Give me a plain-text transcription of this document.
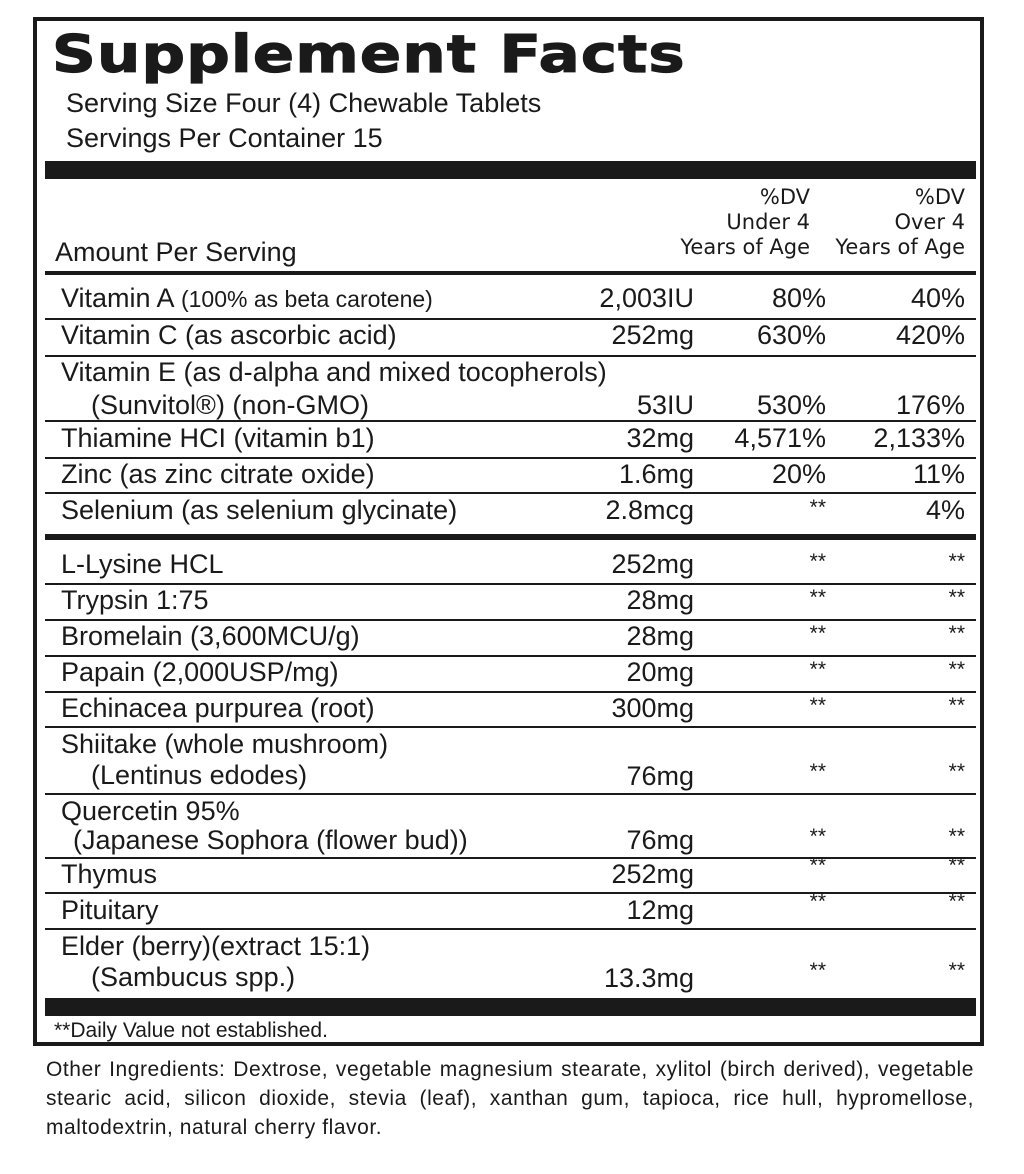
Supplement Facts
Serving Size Four (4) Chewable Tablets
Servings Per Container 15
Amount Per Serving
%DV
Under 4
Years of Age
%DV
Over 4
Years of Age
Vitamin A (100% as beta carotene)	2,003IU	80%	40%
Vitamin C (as ascorbic acid)	252mg 630%	420%
Vitamin E (as d-alpha and mixed tocopherols)
(Sunvitol®) (non-GMO)	53IU 530%	176%
Thiamine HCI (vitamin b1)	32mg 4,571% 2,133%
Zinc (as zinc citrate oxide)	1.6mg	20%	11%
Selenium (as selenium glycinate)	2.8mcg	**	4%
L-Lysine HCL	252mg	**	**
Trypsin 1:75	28mg	**	**
Bromelain (3,600MCU/g)	28mg	**	**
Papain (2,000USP/mg)	20mg	**	**
Echinacea purpurea (root)	300mg	**	**
Shiitake (whole mushroom)
(Lentinus edodes)	76mg	**	**
Quercetin 95%
(Japanese Sophora (flower bud))	76mg	**	**
Thymus	252mg	**	**
Pituitary	12mg	**	**
Elder (berry)(extract 15:1)
(Sambucus spp.)	13.3mg	**	**
**Daily Value not established.
Other Ingredients: Dextrose, vegetable magnesium stearate, xylitol (birch derived), vegetable stearic acid, silicon dioxide, stevia (leaf), xanthan gum, tapioca, rice hull, hypromellose, maltodextrin, natural cherry flavor.
